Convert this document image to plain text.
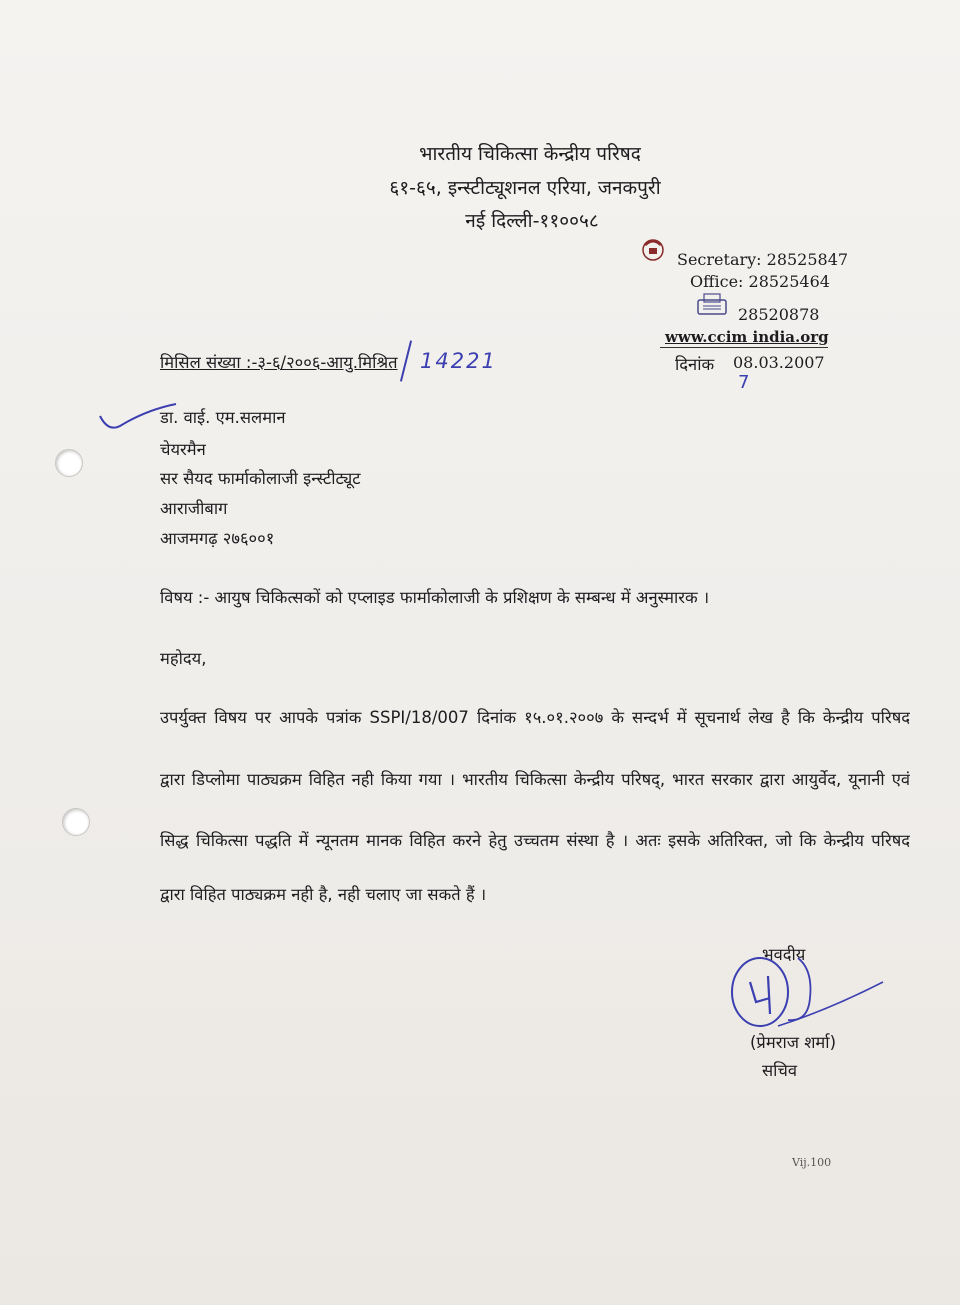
भारतीय चिकित्सा केन्द्रीय परिषद
६१-६५, इन्स्टीट्यूशनल एरिया, जनकपुरी
नई दिल्ली-११००५८
Secretary: 28525847
Office: 28525464
28520878
www.ccim india.org
मिसिल संख्या :-३-६/२००६-आयु.मिश्रित 14221	दिनांक 08.03.2007
7
डा. वाई. एम.सलमान
चेयरमैन
सर सैयद फार्माकोलाजी इन्स्टीट्यूट
आराजीबाग
आजमगढ़ २७६००१
विषय :- आयुष चिकित्सकों को एप्लाइड फार्माकोलाजी के प्रशिक्षण के सम्बन्ध में अनुस्मारक ।
महोदय,
उपर्युक्त विषय पर आपके पत्रांक SSPI/18/007 दिनांक १५.०१.२००७ के सन्दर्भ में सूचनार्थ लेख है कि केन्द्रीय परिषद
द्वारा डिप्लोमा पाठ्यक्रम विहित नही किया गया । भारतीय चिकित्सा केन्द्रीय परिषद्, भारत सरकार द्वारा आयुर्वेद, यूनानी एवं
सिद्ध चिकित्सा पद्धति में न्यूनतम मानक विहित करने हेतु उच्चतम संस्था है । अतः इसके अतिरिक्त, जो कि केन्द्रीय परिषद
द्वारा विहित पाठ्यक्रम नही है, नही चलाए जा सकते हैं ।
भवदीय
(प्रेमराज शर्मा)
सचिव
Vij.100
